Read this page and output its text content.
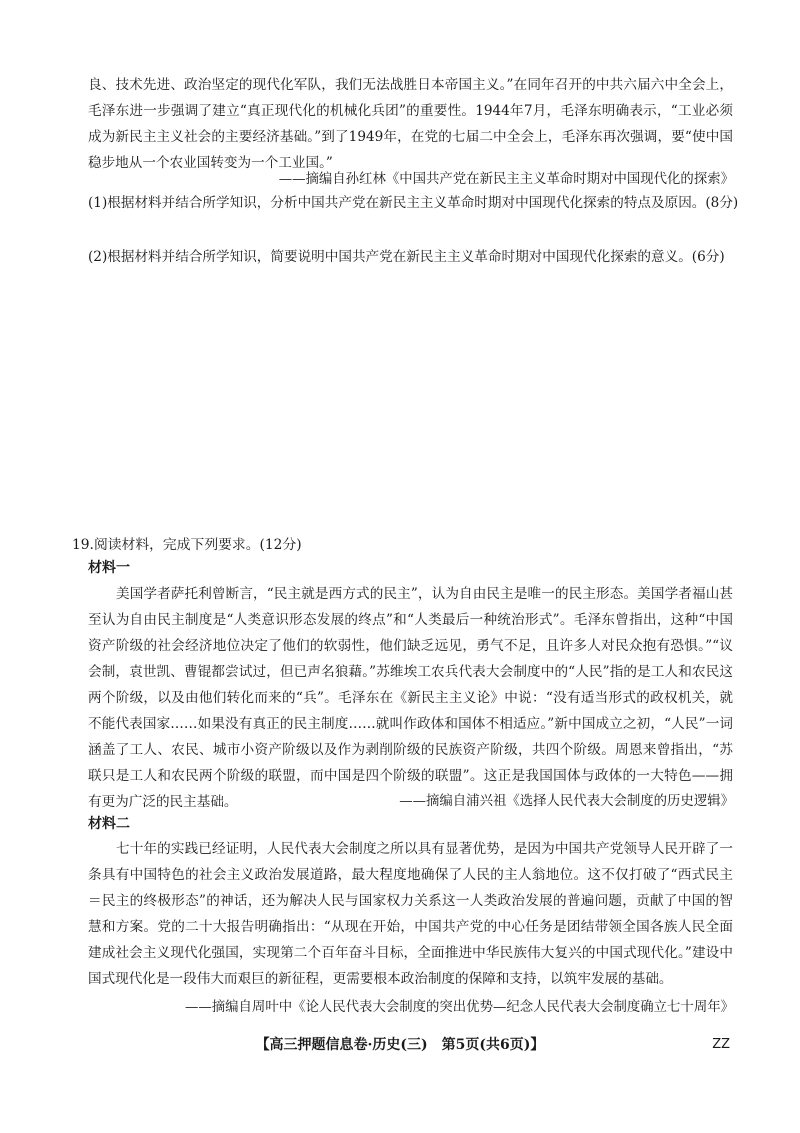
良、技术先进、政治坚定的现代化军队，我们无法战胜日本帝国主义。”在同年召开的中共六届六中全会上，毛泽东进一步强调了建立“真正现代化的机械化兵团”的重要性。1944年7月，毛泽东明确表示，“工业必须成为新民主主义社会的主要经济基础。”到了1949年，在党的七届二中全会上，毛泽东再次强调，要“使中国稳步地从一个农业国转变为一个工业国。”

——摘编自孙红林《中国共产党在新民主主义革命时期对中国现代化的探索》

(1)根据材料并结合所学知识，分析中国共产党在新民主主义革命时期对中国现代化探索的特点及原因。(8分)

(2)根据材料并结合所学知识，简要说明中国共产党在新民主主义革命时期对中国现代化探索的意义。(6分)

19.阅读材料，完成下列要求。(12分)

材料一

美国学者萨托利曾断言，“民主就是西方式的民主”，认为自由民主是唯一的民主形态。美国学者福山甚至认为自由民主制度是“人类意识形态发展的终点”和“人类最后一种统治形式”。毛泽东曾指出，这种“中国资产阶级的社会经济地位决定了他们的软弱性，他们缺乏远见，勇气不足，且许多人对民众抱有恐惧。”“议会制，袁世凯、曹锟都尝试过，但已声名狼藉。”苏维埃工农兵代表大会制度中的“人民”指的是工人和农民这两个阶级，以及由他们转化而来的“兵”。毛泽东在《新民主主义论》中说：“没有适当形式的政权机关，就不能代表国家……如果没有真正的民主制度……就叫作政体和国体不相适应。”新中国成立之初，“人民”一词涵盖了工人、农民、城市小资产阶级以及作为剥削阶级的民族资产阶级，共四个阶级。周恩来曾指出，“苏联只是工人和农民两个阶级的联盟，而中国是四个阶级的联盟”。这正是我国国体与政体的一大特色——拥有更为广泛的民主基础。	——摘编自浦兴祖《选择人民代表大会制度的历史逻辑》

材料二

七十年的实践已经证明，人民代表大会制度之所以具有显著优势，是因为中国共产党领导人民开辟了一条具有中国特色的社会主义政治发展道路，最大程度地确保了人民的主人翁地位。这不仅打破了“西式民主＝民主的终极形态”的神话，还为解决人民与国家权力关系这一人类政治发展的普遍问题，贡献了中国的智慧和方案。党的二十大报告明确指出：“从现在开始，中国共产党的中心任务是团结带领全国各族人民全面建成社会主义现代化强国，实现第二个百年奋斗目标，全面推进中华民族伟大复兴的中国式现代化。”建设中国式现代化是一段伟大而艰巨的新征程，更需要根本政治制度的保障和支持，以筑牢发展的基础。

——摘编自周叶中《论人民代表大会制度的突出优势—纪念人民代表大会制度确立七十周年》

【高三押题信息卷·历史(三)　第5页(共6页)】	ZZ
